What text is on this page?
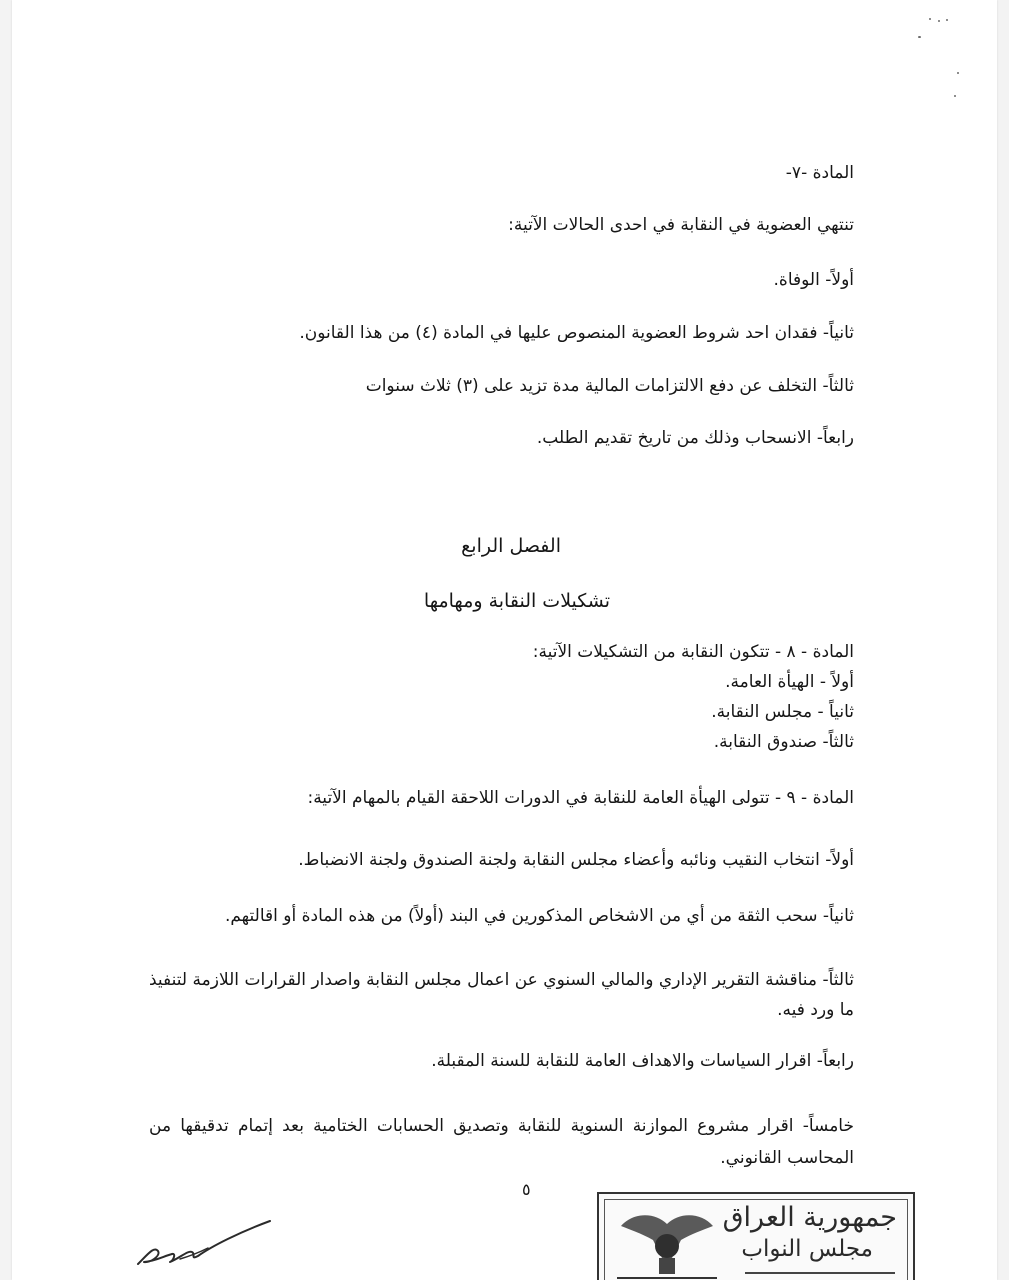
المادة -٧-
تنتهي العضوية في النقابة في احدى الحالات الآتية:
أولاً- الوفاة.
ثانياً- فقدان احد شروط العضوية المنصوص عليها في المادة (٤) من هذا القانون.
ثالثاً- التخلف عن دفع الالتزامات المالية مدة تزيد على (٣) ثلاث سنوات
رابعاً- الانسحاب وذلك من تاريخ تقديم الطلب.
الفصل الرابع
تشكيلات النقابة ومهامها
المادة - ٨ - تتكون النقابة من التشكيلات الآتية:
أولاً - الهيأة العامة.
ثانياً - مجلس النقابة.
ثالثاً- صندوق النقابة.
المادة - ٩ - تتولى الهيأة العامة للنقابة في الدورات اللاحقة القيام بالمهام الآتية:
أولاً- انتخاب النقيب ونائبه وأعضاء مجلس النقابة ولجنة الصندوق ولجنة الانضباط.
ثانياً- سحب الثقة من أي من الاشخاص المذكورين في البند (أولاً) من هذه المادة أو اقالتهم.
ثالثاً- مناقشة التقرير الإداري والمالي السنوي عن اعمال مجلس النقابة واصدار القرارات اللازمة لتنفيذ ما ورد فيه.
رابعاً- اقرار السياسات والاهداف العامة للنقابة للسنة المقبلة.
خامساً- اقرار مشروع الموازنة السنوية للنقابة وتصديق الحسابات الختامية بعد إتمام تدقيقها من المحاسب القانوني.
٥
جمهورية العراق
مجلس النواب
